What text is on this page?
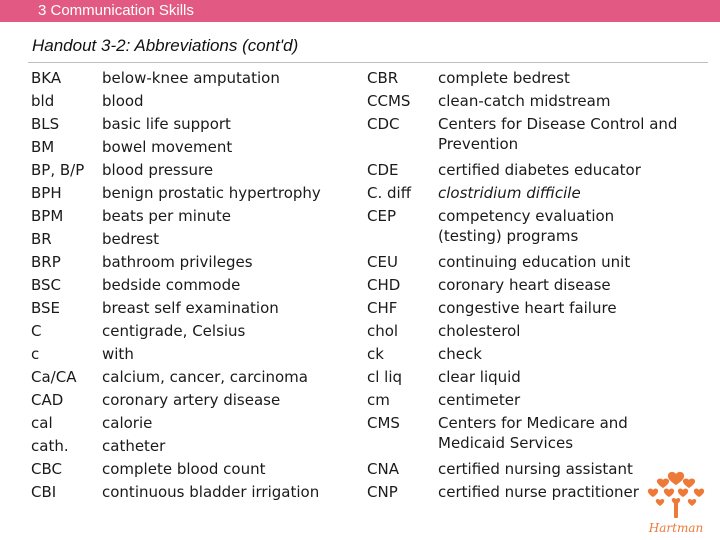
3 Communication Skills
Handout 3-2: Abbreviations (cont'd)
BKA	below-knee amputation
bld	blood
BLS	basic life support
BM	bowel movement
BP, B/P blood pressure
BPH	benign prostatic hypertrophy
BPM	beats per minute
BR	bedrest
BRP	bathroom privileges
BSC	bedside commode
BSE	breast self examination
C	centigrade, Celsius
c	with
Ca/CA calcium, cancer, carcinoma
CAD	coronary artery disease
cal	calorie
cath. catheter
CBC	complete blood count
CBI	continuous bladder irrigation
CBR	complete bedrest
CCMS clean-catch midstream
CDC	Centers for Disease Control and Prevention
CDE	certified diabetes educator
C. diff clostridium difficile
CEP	competency evaluation (testing) programs
CEU	continuing education unit
CHD	coronary heart disease
CHF	congestive heart failure
chol	cholesterol
ck	check
cl liq clear liquid
cm	centimeter
CMS	Centers for Medicare and Medicaid Services
CNA	certified nursing assistant
CNP	certified nurse practitioner
Hartman
